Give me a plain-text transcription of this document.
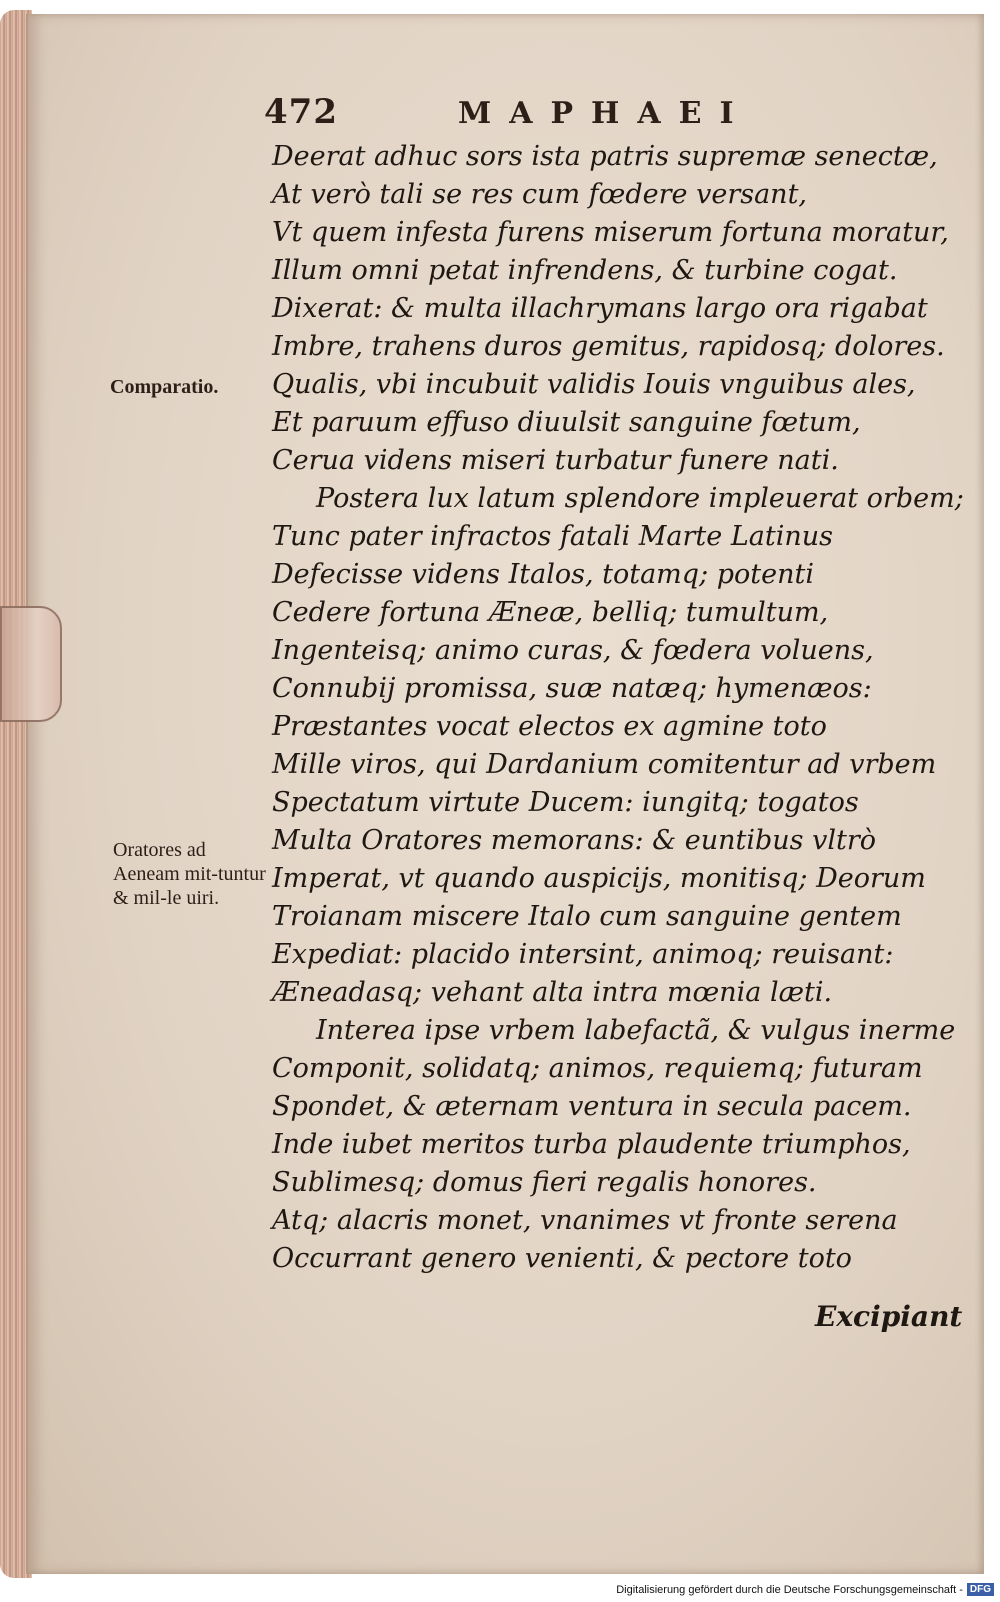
472	MAPHAEI
Comparatio.
Oratores ad Aeneam mit-tuntur & mil-le uiri.
Deerat adhuc sors ista patris supremæ senectæ,
At verò tali se res cum fœdere versant,
Vt quem infesta furens miserum fortuna moratur,
Illum omni petat infrendens, & turbine cogat.
Dixerat: & multa illachrymans largo ora rigabat
Imbre, trahens duros gemitus, rapidosq; dolores.
Qualis, vbi incubuit validis Iouis vnguibus ales,
Et paruum effuso diuulsit sanguine fœtum,
Cerua videns miseri turbatur funere nati.
Postera lux latum splendore impleuerat orbem;
Tunc pater infractos fatali Marte Latinus
Defecisse videns Italos, totamq; potenti
Cedere fortuna Æneæ, belliq; tumultum,
Ingenteisq; animo curas, & fœdera voluens,
Connubij promissa, suæ natæq; hymenæos:
Præstantes vocat electos ex agmine toto
Mille viros, qui Dardanium comitentur ad vrbem
Spectatum virtute Ducem: iungitq; togatos
Multa Oratores memorans: & euntibus vltrò
Imperat, vt quando auspicijs, monitisq; Deorum
Troianam miscere Italo cum sanguine gentem
Expediat: placido intersint, animoq; reuisant:
Æneadasq; vehant alta intra mœnia læti.
Interea ipse vrbem labefactã, & vulgus inerme
Componit, solidatq; animos, requiemq; futuram
Spondet, & æternam ventura in secula pacem.
Inde iubet meritos turba plaudente triumphos,
Sublimesq; domus fieri regalis honores.
Atq; alacris monet, vnanimes vt fronte serena
Occurrant genero venienti, & pectore toto
Excipiant
Digitalisierung gefördert durch die Deutsche Forschungsgemeinschaft - DFG
